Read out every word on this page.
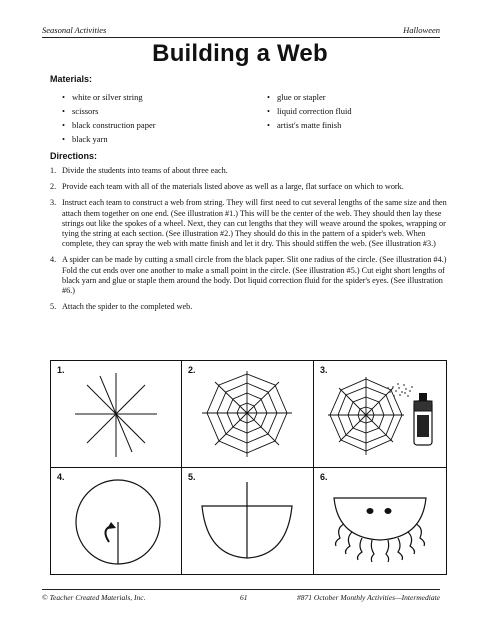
Seasonal Activities	Halloween
Building a Web
Materials:
• white or silver string
• scissors
• black construction paper
• black yarn
• glue or stapler
• liquid correction fluid
• artist's matte finish
Directions:
1. Divide the students into teams of about three each.
2. Provide each team with all of the materials listed above as well as a large, flat surface on which to work.
3. Instruct each team to construct a web from string. They will first need to cut several lengths of the same size and then attach them together on one end. (See illustration #1.) This will be the center of the web. They should then lay these strings out like the spokes of a wheel. Next, they can cut lengths that they will weave around the spokes, wrapping or tying the string at each section. (See illustration #2.) They should do this in the pattern of a spider's web. When complete, they can spray the web with matte finish and let it dry. This should stiffen the web. (See illustration #3.)
4. A spider can be made by cutting a small circle from the black paper. Slit one radius of the circle. (See illustration #4.) Fold the cut ends over one another to make a small point in the circle. (See illustration #5.) Cut eight short lengths of black yarn and glue or staple them around the body. Dot liquid correction fluid for the spider's eyes. (See illustration #6.)
5. Attach the spider to the completed web.
1.	2.	3.
4.	5.	6.
© Teacher Created Materials, Inc.	61	#871 October Monthly Activities—Intermediate
